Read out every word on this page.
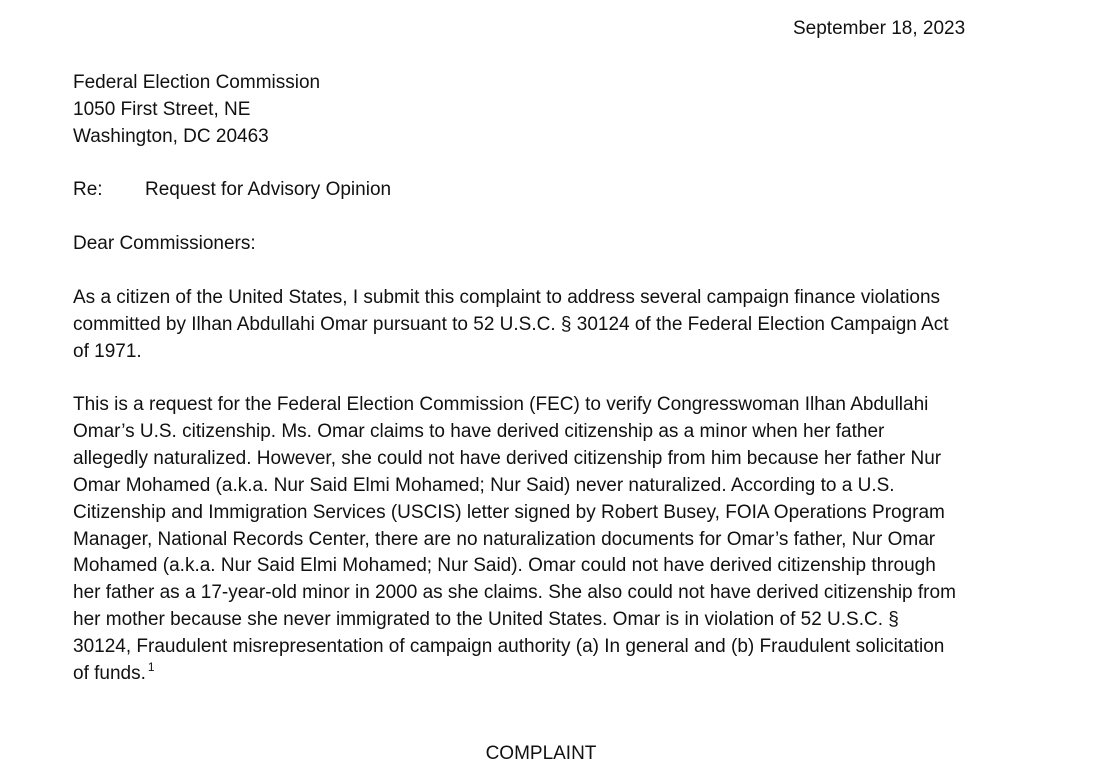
September 18, 2023
Federal Election Commission
1050 First Street, NE
Washington, DC 20463
Re: Request for Advisory Opinion
Dear Commissioners:
As a citizen of the United States, I submit this complaint to address several campaign finance violations
committed by Ilhan Abdullahi Omar pursuant to 52 U.S.C. § 30124 of the Federal Election Campaign Act
of 1971.
This is a request for the Federal Election Commission (FEC) to verify Congresswoman Ilhan Abdullahi
Omar’s U.S. citizenship. Ms. Omar claims to have derived citizenship as a minor when her father
allegedly naturalized. However, she could not have derived citizenship from him because her father Nur
Omar Mohamed (a.k.a. Nur Said Elmi Mohamed; Nur Said) never naturalized. According to a U.S.
Citizenship and Immigration Services (USCIS) letter signed by Robert Busey, FOIA Operations Program
Manager, National Records Center, there are no naturalization documents for Omar’s father, Nur Omar
Mohamed (a.k.a. Nur Said Elmi Mohamed; Nur Said). Omar could not have derived citizenship through
her father as a 17-year-old minor in 2000 as she claims. She also could not have derived citizenship from
her mother because she never immigrated to the United States. Omar is in violation of 52 U.S.C. §
30124, Fraudulent misrepresentation of campaign authority (a) In general and (b) Fraudulent solicitation
of funds. $^1$
COMPLAINT
